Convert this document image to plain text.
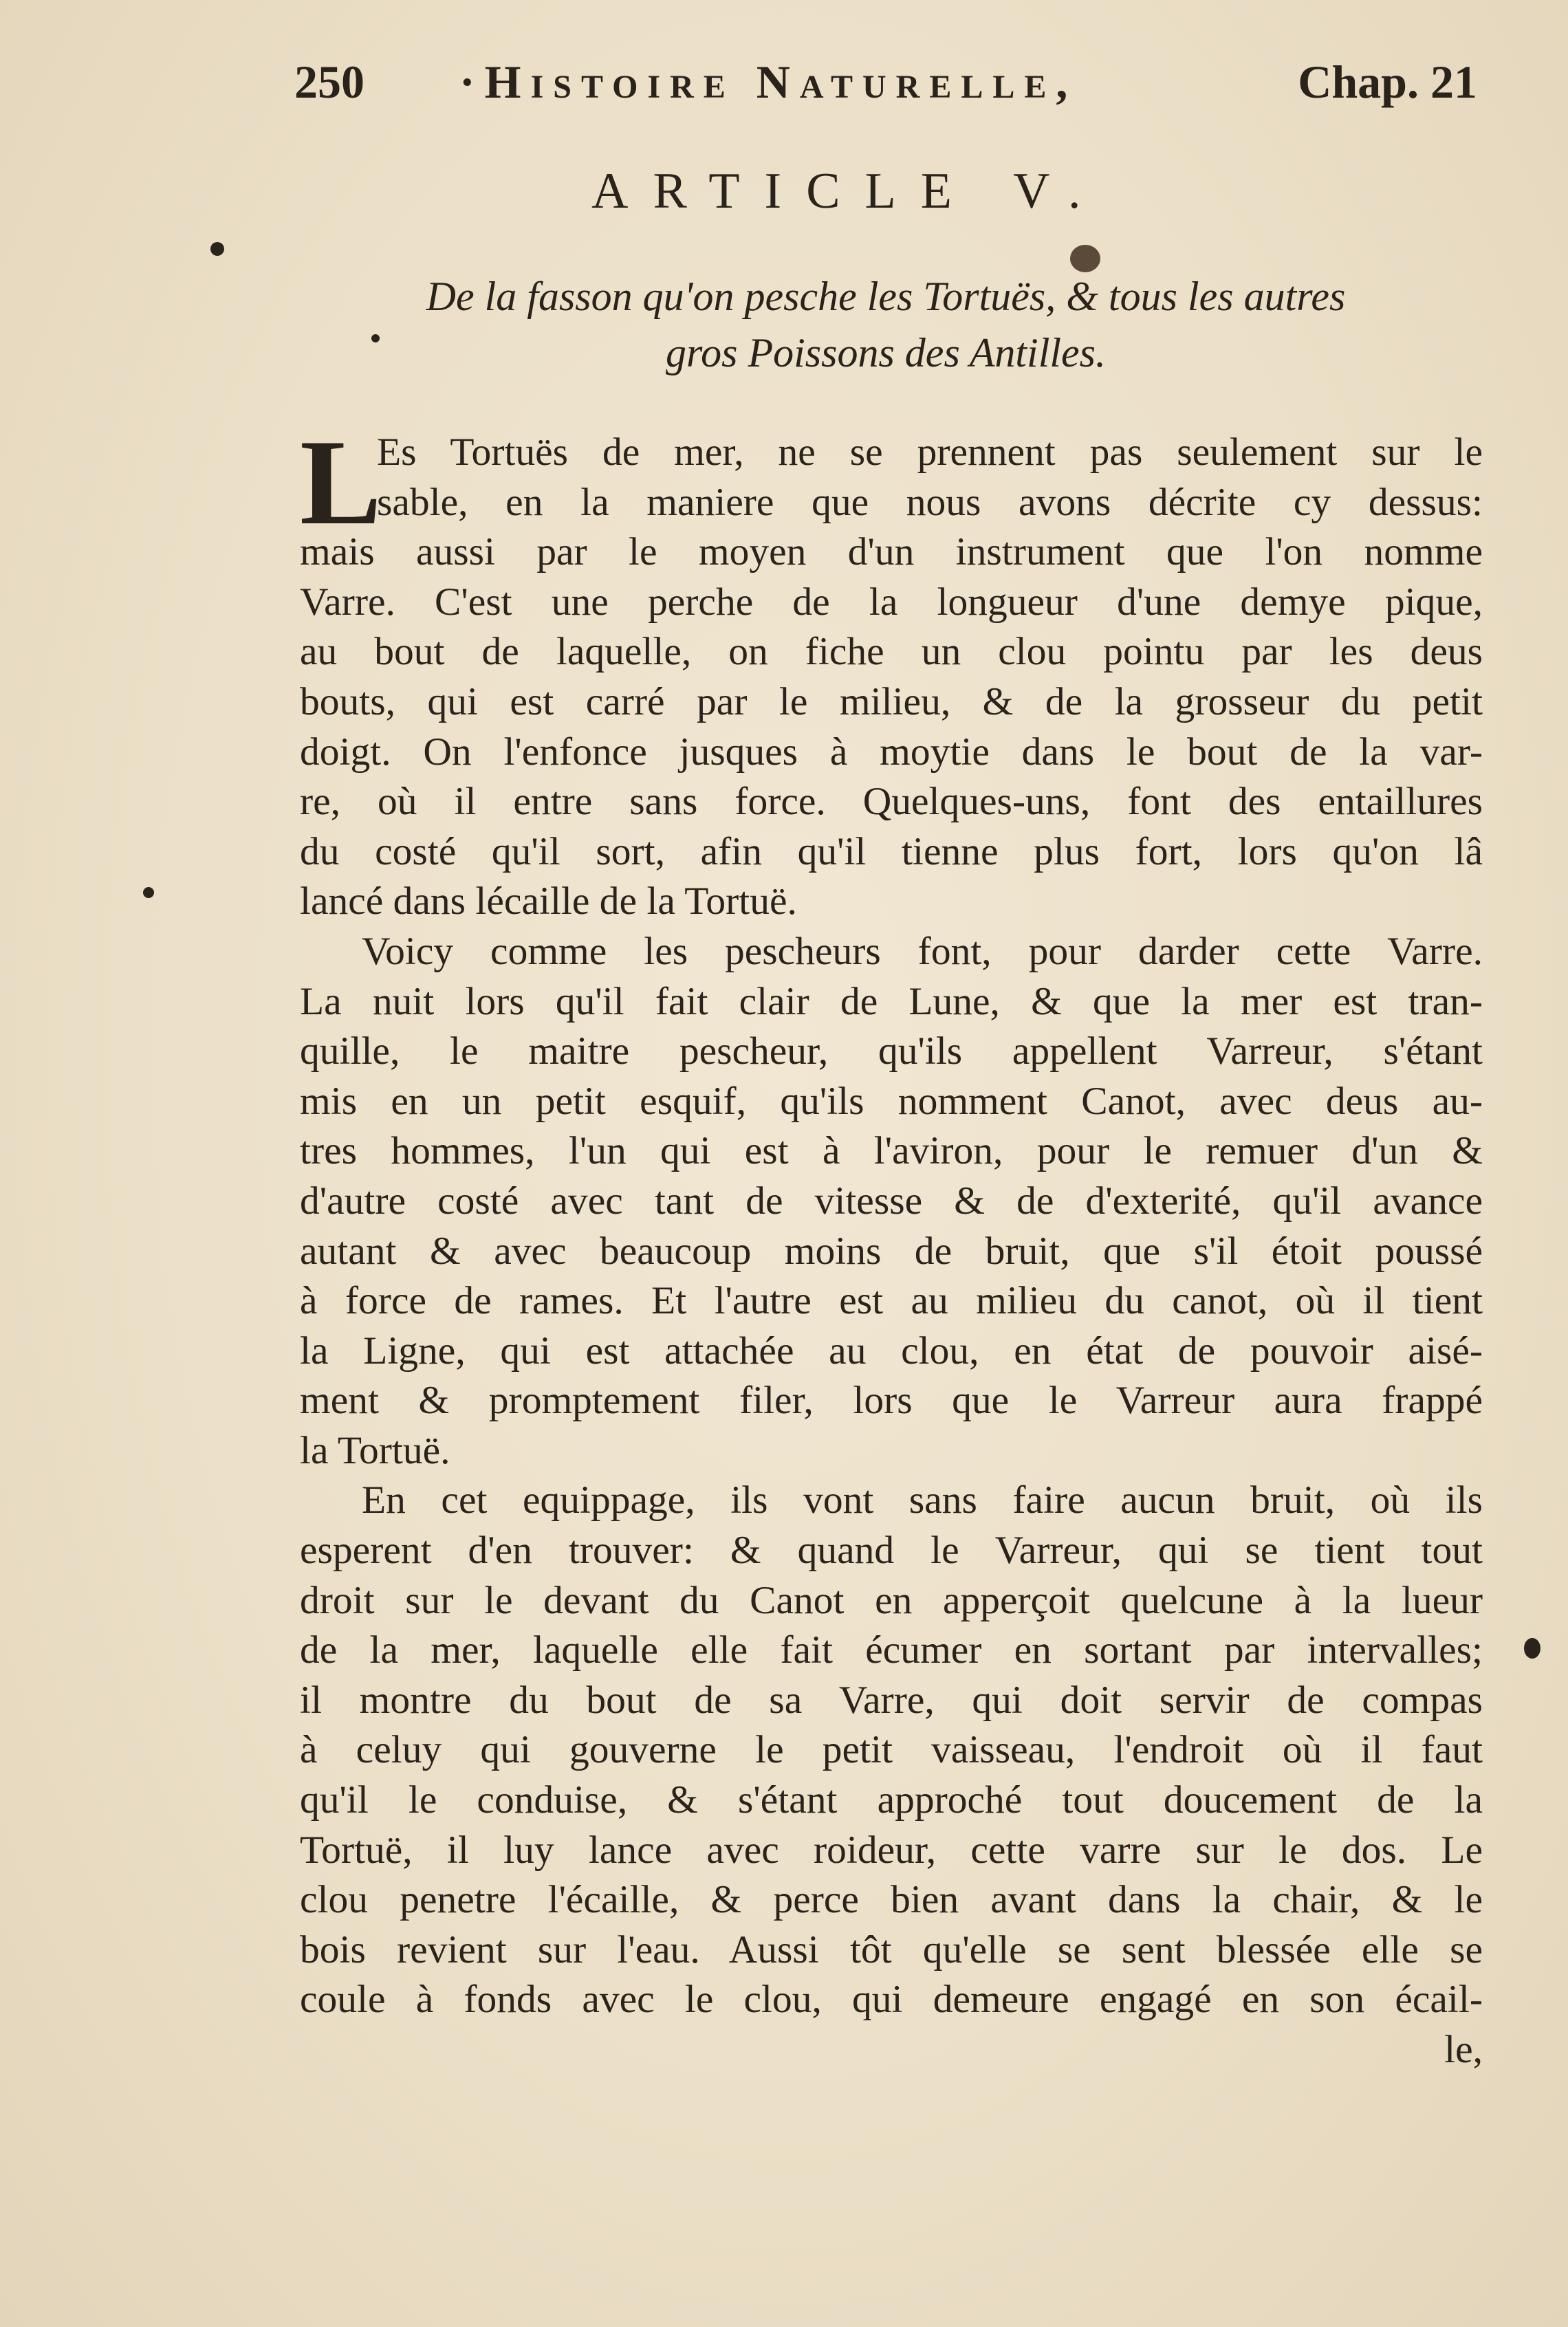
250 ·Histoire Naturelle,	Chap. 21
ARTICLE V.
De la fasson qu'on pesche les Tortuës, & tous les autres
gros Poissons des Antilles.
L
Es Tortuës de mer, ne se prennent pas seulement sur le
sable, en la maniere que nous avons décrite cy dessus:
mais aussi par le moyen d'un instrument que l'on nomme
Varre. C'est une perche de la longueur d'une demye pique,
au bout de laquelle, on fiche un clou pointu par les deus
bouts, qui est carré par le milieu, & de la grosseur du petit
doigt. On l'enfonce jusques à moytie dans le bout de la var-
re, où il entre sans force. Quelques-uns, font des entaillures
du costé qu'il sort, afin qu'il tienne plus fort, lors qu'on lâ
lancé dans lécaille de la Tortuë.
Voicy comme les pescheurs font, pour darder cette Varre.
La nuit lors qu'il fait clair de Lune, & que la mer est tran-
quille, le maitre pescheur, qu'ils appellent Varreur, s'étant
mis en un petit esquif, qu'ils nomment Canot, avec deus au-
tres hommes, l'un qui est à l'aviron, pour le remuer d'un &
d'autre costé avec tant de vitesse & de d'exterité, qu'il avance
autant & avec beaucoup moins de bruit, que s'il étoit poussé
à force de rames. Et l'autre est au milieu du canot, où il tient
la Ligne, qui est attachée au clou, en état de pouvoir aisé-
ment & promptement filer, lors que le Varreur aura frappé
la Tortuë.
En cet equippage, ils vont sans faire aucun bruit, où ils
esperent d'en trouver: & quand le Varreur, qui se tient tout
droit sur le devant du Canot en apperçoit quelcune à la lueur
de la mer, laquelle elle fait écumer en sortant par intervalles;
il montre du bout de sa Varre, qui doit servir de compas
à celuy qui gouverne le petit vaisseau, l'endroit où il faut
qu'il le conduise, & s'étant approché tout doucement de la
Tortuë, il luy lance avec roideur, cette varre sur le dos. Le
clou penetre l'écaille, & perce bien avant dans la chair, & le
bois revient sur l'eau. Aussi tôt qu'elle se sent blessée elle se
coule à fonds avec le clou, qui demeure engagé en son écail-
le,
